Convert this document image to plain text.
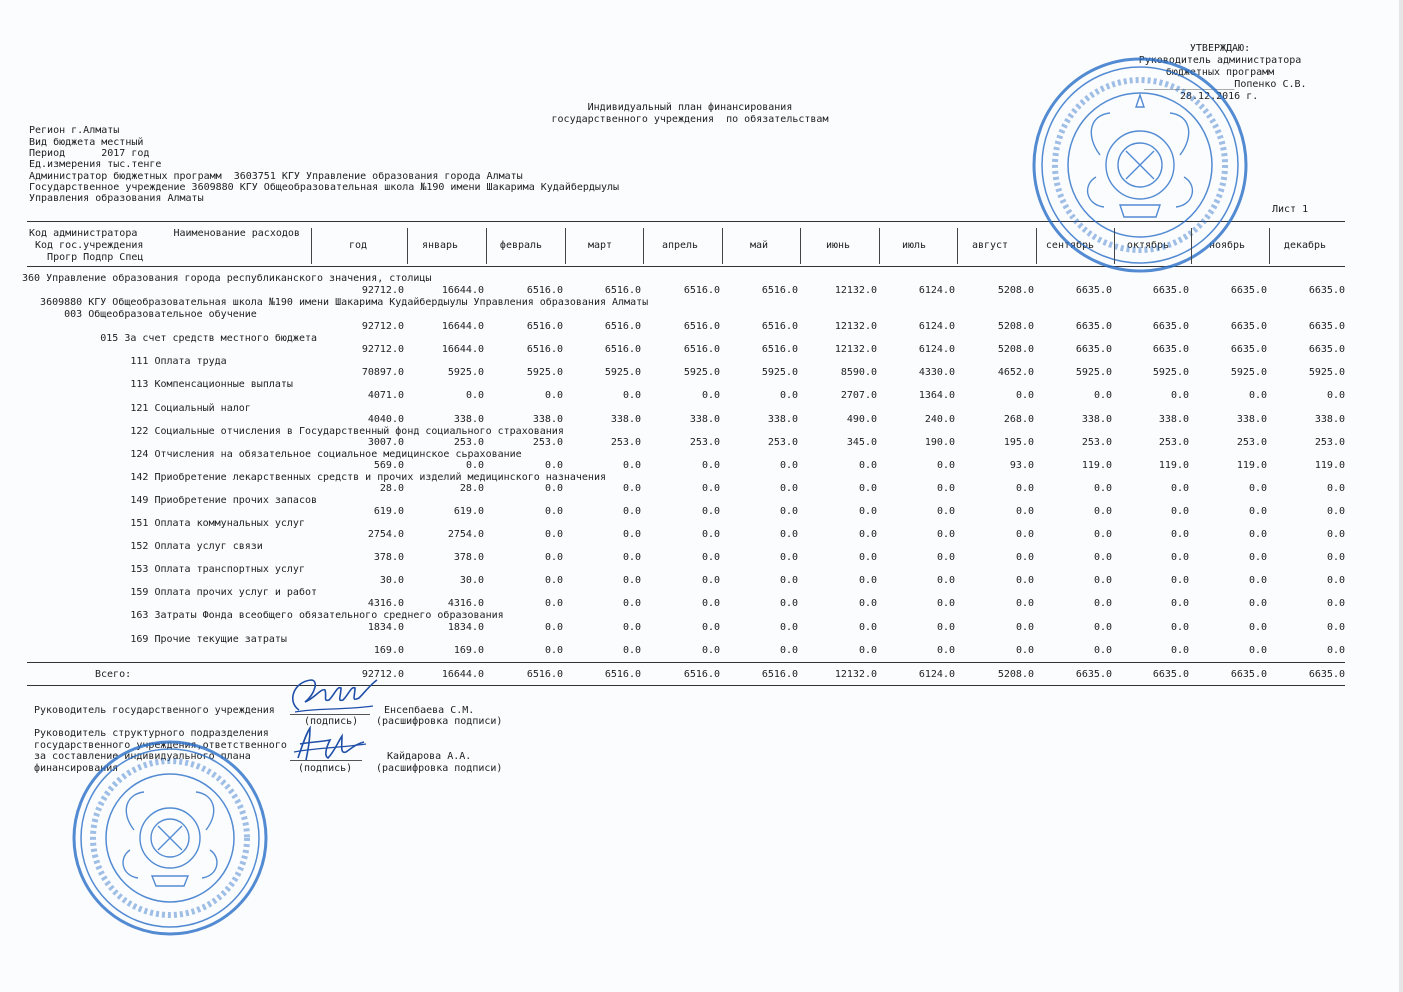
УТВЕРЖДАЮ:
Руководитель администратора
бюджетных программ
_______________Попенко С.В.
28.12.2016 г.
Индивидуальный план финансирования
государственного учреждения  по обязательствам
Регион г.Алматы
Вид бюджета местный
Период      2017 год
Ед.измерения тыс.тенге
Администратор бюджетных программ  3603751 КГУ Управление образования города Алматы
Государственное учреждение 3609880 КГУ Общеобразовательная школа №190 имени Шакарима Кудайбердыулы
Управления образования Алматы
Лист 1
Код администратора      Наименование расходов
Код гос.учреждения
Прогр Подпр Спец
год	январь	февраль	март	апрель	май	июнь	июль	август	сентябрь	октябрь	ноябрь	декабрь
360 Управление образования города республиканского значения, столицы
92712.0	16644.0	6516.0	6516.0	6516.0	6516.0	12132.0	6124.0	5208.0	6635.0	6635.0	6635.0	6635.0
3609880 КГУ Общеобразовательная школа №190 имени Шакарима Кудайбердыулы Управления образования Алматы
003 Общеобразовательное обучение
92712.0	16644.0	6516.0	6516.0	6516.0	6516.0	12132.0	6124.0	5208.0	6635.0	6635.0	6635.0	6635.0
015 За счет средств местного бюджета
92712.0	16644.0	6516.0	6516.0	6516.0	6516.0	12132.0	6124.0	5208.0	6635.0	6635.0	6635.0	6635.0
111 Оплата труда
70897.0	5925.0	5925.0	5925.0	5925.0	5925.0	8590.0	4330.0	4652.0	5925.0	5925.0	5925.0	5925.0
113 Компенсационные выплаты
4071.0	0.0	0.0	0.0	0.0	0.0	2707.0	1364.0	0.0	0.0	0.0	0.0	0.0
121 Социальный налог
4040.0	338.0	338.0	338.0	338.0	338.0	490.0	240.0	268.0	338.0	338.0	338.0	338.0
122 Социальные отчисления в Государственный фонд социального страхования
3007.0	253.0	253.0	253.0	253.0	253.0	345.0	190.0	195.0	253.0	253.0	253.0	253.0
124 Отчисления на обязательное социальное медицинское сьрахование
569.0	0.0	0.0	0.0	0.0	0.0	0.0	0.0	93.0	119.0	119.0	119.0	119.0
142 Приобретение лекарственных средств и прочих изделий медицинского назначения
28.0	28.0	0.0	0.0	0.0	0.0	0.0	0.0	0.0	0.0	0.0	0.0	0.0
149 Приобретение прочих запасов
619.0	619.0	0.0	0.0	0.0	0.0	0.0	0.0	0.0	0.0	0.0	0.0	0.0
151 Оплата коммунальных услуг
2754.0	2754.0	0.0	0.0	0.0	0.0	0.0	0.0	0.0	0.0	0.0	0.0	0.0
152 Оплата услуг связи
378.0	378.0	0.0	0.0	0.0	0.0	0.0	0.0	0.0	0.0	0.0	0.0	0.0
153 Оплата транспортных услуг
30.0	30.0	0.0	0.0	0.0	0.0	0.0	0.0	0.0	0.0	0.0	0.0	0.0
159 Оплата прочих услуг и работ
4316.0	4316.0	0.0	0.0	0.0	0.0	0.0	0.0	0.0	0.0	0.0	0.0	0.0
163 Затраты Фонда всеобщего обязательного среднего образования
1834.0	1834.0	0.0	0.0	0.0	0.0	0.0	0.0	0.0	0.0	0.0	0.0	0.0
169 Прочие текущие затраты
169.0	169.0	0.0	0.0	0.0	0.0	0.0	0.0	0.0	0.0	0.0	0.0	0.0
Всего:	92712.0	16644.0	6516.0	6516.0	6516.0	6516.0	12132.0	6124.0	5208.0	6635.0	6635.0	6635.0	6635.0
Руководитель государственного учреждения	Енсепбаева С.М.
(подпись) (расшифровка подписи)
Руководитель структурного подразделения
государственного учреждения,ответственного
за составление индивидуального плана
финансирования
Кайдарова А.А.
(подпись) (расшифровка подписи)
